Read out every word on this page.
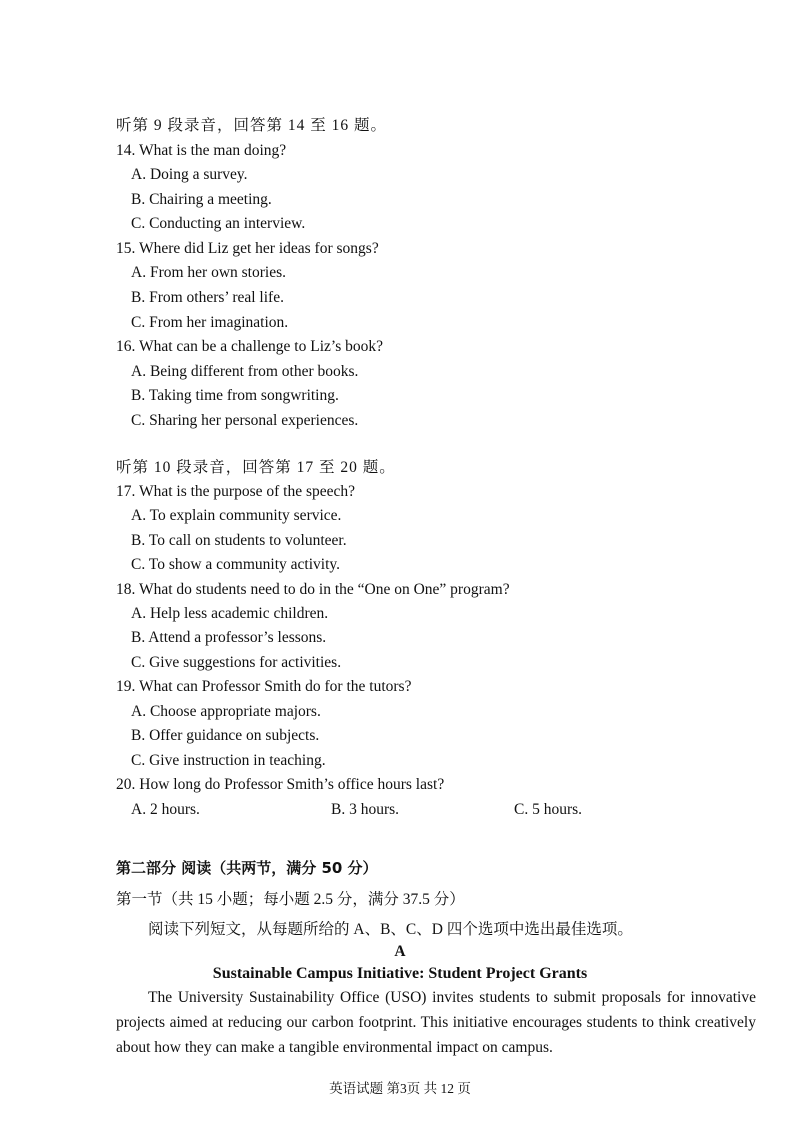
听第 9 段录音，回答第 14 至 16 题。
14. What is the man doing?
A. Doing a survey.
B. Chairing a meeting.
C. Conducting an interview.
15. Where did Liz get her ideas for songs?
A. From her own stories.
B. From others’ real life.
C. From her imagination.
16. What can be a challenge to Liz’s book?
A. Being different from other books.
B. Taking time from songwriting.
C. Sharing her personal experiences.
听第 10 段录音，回答第 17 至 20 题。
17. What is the purpose of the speech?
A. To explain community service.
B. To call on students to volunteer.
C. To show a community activity.
18. What do students need to do in the “One on One” program?
A. Help less academic children.
B. Attend a professor’s lessons.
C. Give suggestions for activities.
19. What can Professor Smith do for the tutors?
A. Choose appropriate majors.
B. Offer guidance on subjects.
C. Give instruction in teaching.
20. How long do Professor Smith’s office hours last?
A. 2 hours.	B. 3 hours.	C. 5 hours.
第二部分 阅读（共两节，满分 50 分）
第一节（共 15 小题；每小题 2.5 分，满分 37.5 分）
阅读下列短文，从每题所给的 A、B、C、D 四个选项中选出最佳选项。
A
Sustainable Campus Initiative: Student Project Grants
The University Sustainability Office (USO) invites students to submit proposals for innovative projects aimed at reducing our carbon footprint. This initiative encourages students to think creatively about how they can make a tangible environmental impact on campus.
英语试题 第3页 共 12 页
